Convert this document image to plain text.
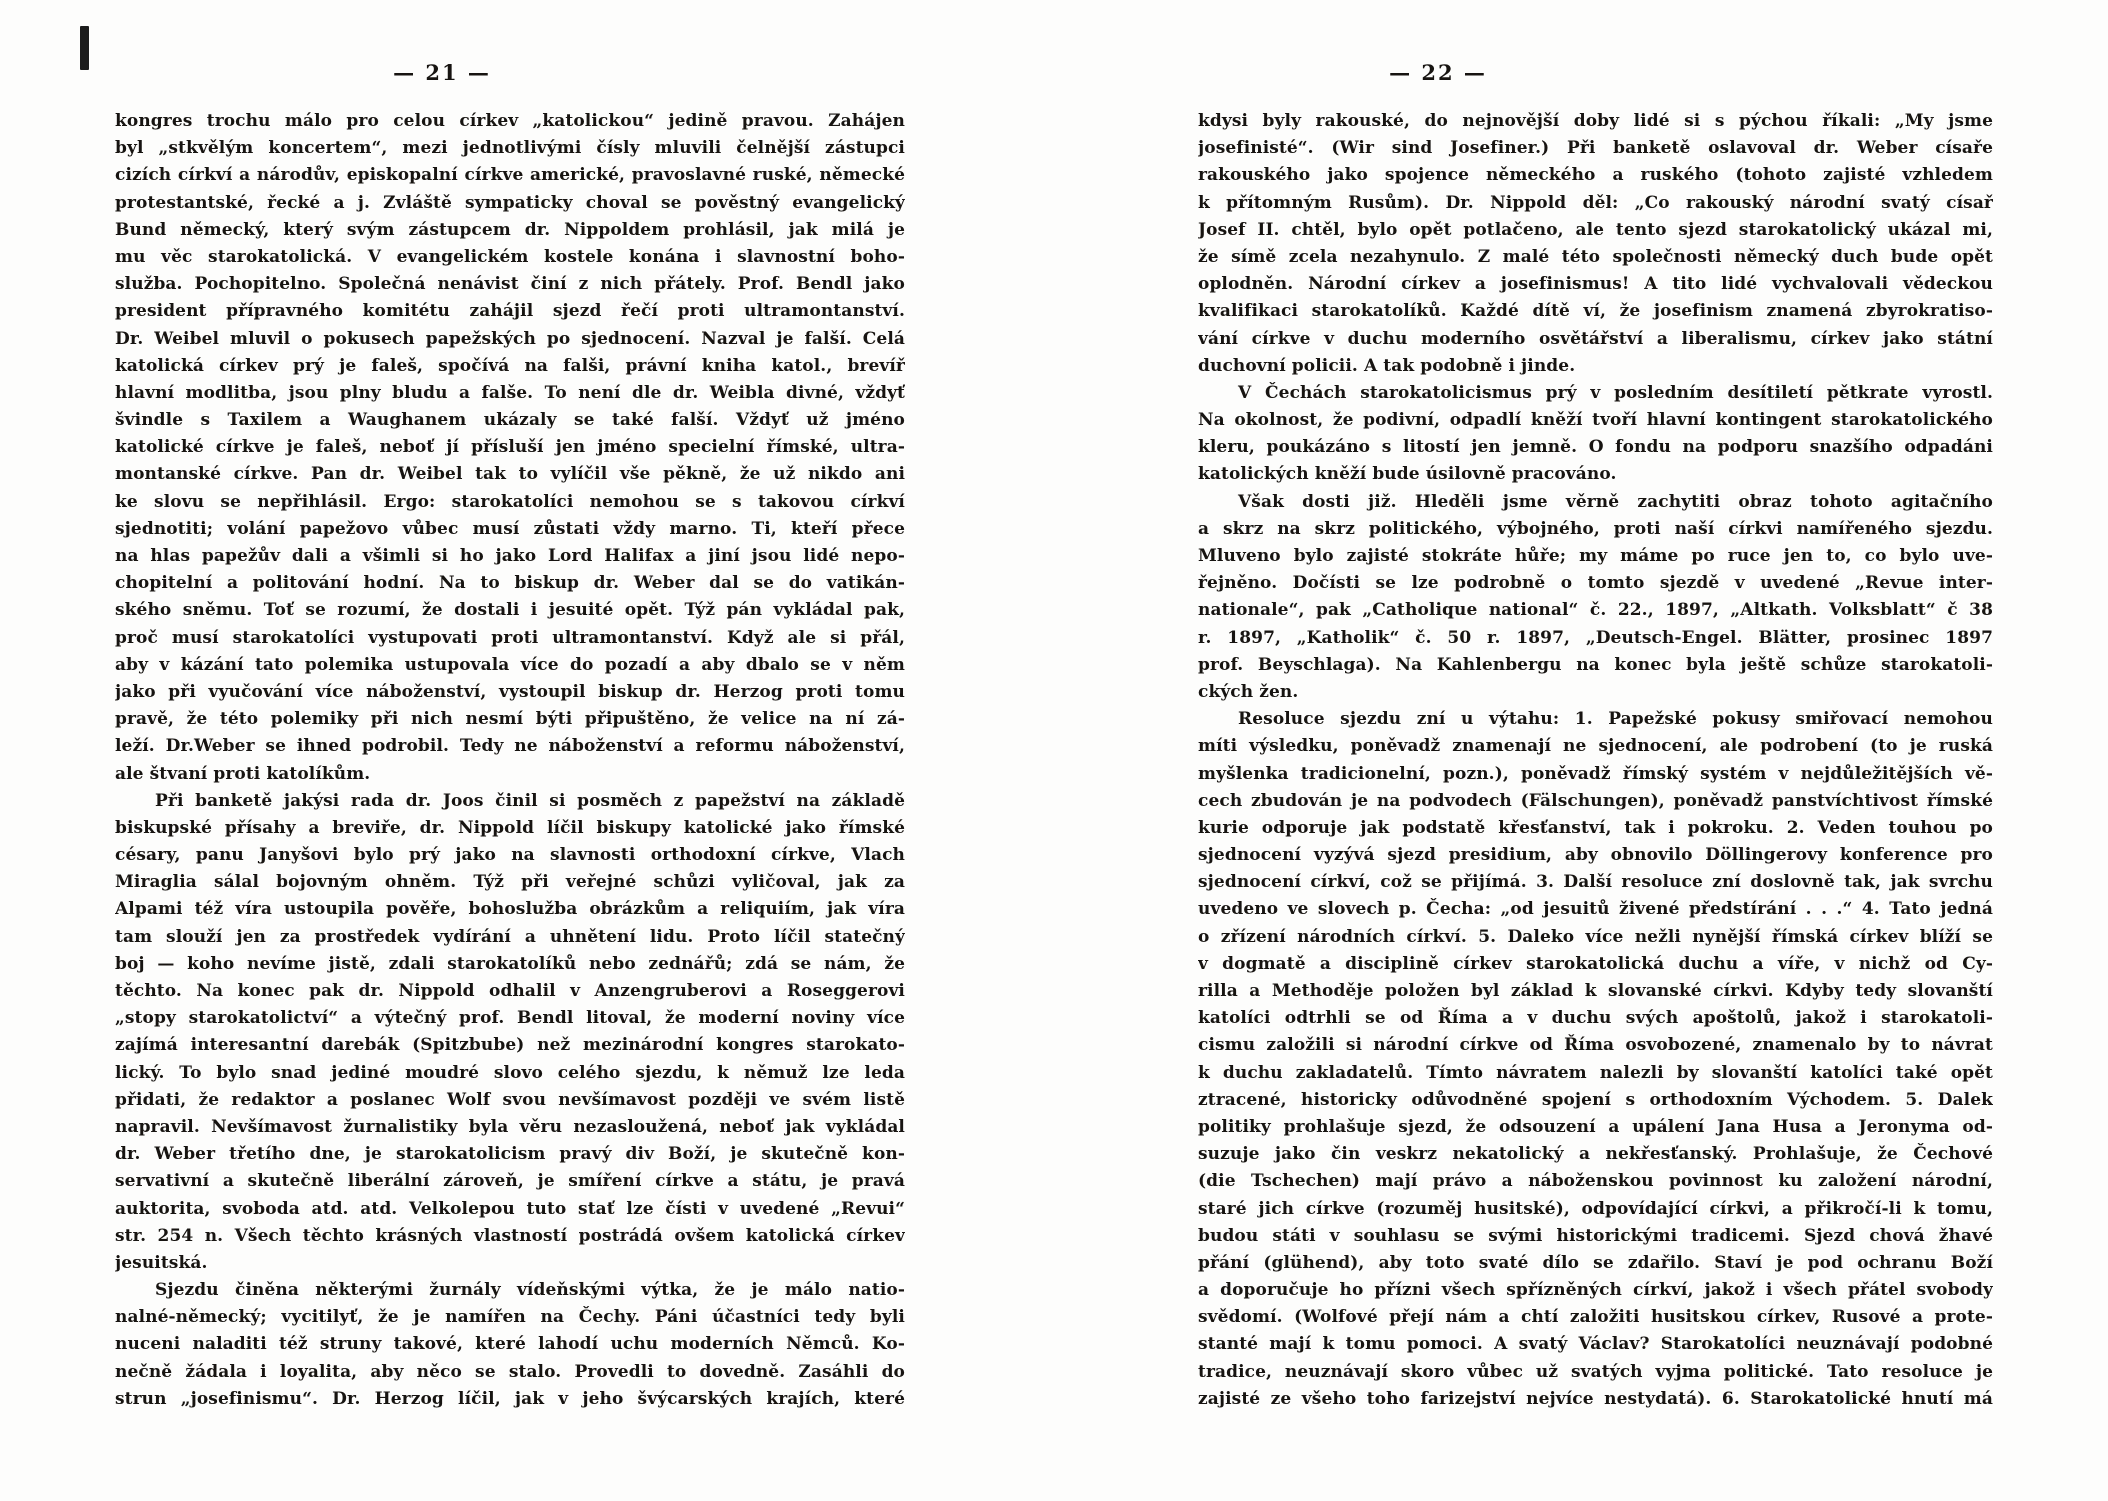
— 21 —
kongres trochu málo pro celou církev „katolickou“ jedině pravou. Zahájen
byl „stkvělým koncertem“, mezi jednotlivými čísly mluvili čelnější zástupci
cizích církví a národův, episkopalní církve americké, pravoslavné ruské, německé
protestantské, řecké a j. Zvláště sympaticky choval se pověstný evangelický
Bund německý, který svým zástupcem dr. Nippoldem prohlásil, jak milá je
mu věc starokatolická. V evangelickém kostele konána i slavnostní boho-
služba. Pochopitelno. Společná nenávist činí z nich přátely. Prof. Bendl jako
president přípravného komitétu zahájil sjezd řečí proti ultramontanství.
Dr. Weibel mluvil o pokusech papežských po sjednocení. Nazval je falší. Celá
katolická církev prý je faleš, spočívá na falši, právní kniha katol., brevíř
hlavní modlitba, jsou plny bludu a falše. To není dle dr. Weibla divné, vždyť
švindle s Taxilem a Waughanem ukázaly se také falší. Vždyť už jméno
katolické církve je faleš, neboť jí přísluší jen jméno specielní římské, ultra-
montanské církve. Pan dr. Weibel tak to vylíčil vše pěkně, že už nikdo ani
ke slovu se nepřihlásil. Ergo: starokatolíci nemohou se s takovou církví
sjednotiti; volání papežovo vůbec musí zůstati vždy marno. Ti, kteří přece
na hlas papežův dali a všimli si ho jako Lord Halifax a jiní jsou lidé nepo-
chopitelní a politování hodní. Na to biskup dr. Weber dal se do vatikán-
ského sněmu. Toť se rozumí, že dostali i jesuité opět. Týž pán vykládal pak,
proč musí starokatolíci vystupovati proti ultramontanství. Když ale si přál,
aby v kázání tato polemika ustupovala více do pozadí a aby dbalo se v něm
jako při vyučování více náboženství, vystoupil biskup dr. Herzog proti tomu
pravě, že této polemiky při nich nesmí býti připuštěno, že velice na ní zá-
leží. Dr.Weber se ihned podrobil. Tedy ne náboženství a reformu náboženství,
ale štvaní proti katolíkům.
Při banketě jakýsi rada dr. Joos činil si posměch z papežství na základě
biskupské přísahy a breviře, dr. Nippold líčil biskupy katolické jako římské
césary, panu Janyšovi bylo prý jako na slavnosti orthodoxní církve, Vlach
Miraglia sálal bojovným ohněm. Týž při veřejné schůzi vyličoval, jak za
Alpami též víra ustoupila pověře, bohoslužba obrázkům a reliquiím, jak víra
tam slouží jen za prostředek vydírání a uhnětení lidu. Proto líčil statečný
boj — koho nevíme jistě, zdali starokatolíků nebo zednářů; zdá se nám, že
těchto. Na konec pak dr. Nippold odhalil v Anzengruberovi a Roseggerovi
„stopy starokatolictví“ a výtečný prof. Bendl litoval, že moderní noviny více
zajímá interesantní darebák (Spitzbube) než mezinárodní kongres starokato-
lický. To bylo snad jediné moudré slovo celého sjezdu, k němuž lze leda
přidati, že redaktor a poslanec Wolf svou nevšímavost později ve svém listě
napravil. Nevšímavost žurnalistiky byla věru nezasloužená, neboť jak vykládal
dr. Weber třetího dne, je starokatolicism pravý div Boží, je skutečně kon-
servativní a skutečně liberální zároveň, je smíření církve a státu, je pravá
auktorita, svoboda atd. atd. Velkolepou tuto stať lze čísti v uvedené „Revui“
str. 254 n. Všech těchto krásných vlastností postrádá ovšem katolická církev
jesuitská.
Sjezdu činěna některými žurnály vídeňskými výtka, že je málo natio-
nalné-německý; vycitilyť, že je namířen na Čechy. Páni účastníci tedy byli
nuceni naladiti též struny takové, které lahodí uchu moderních Němců. Ko-
nečně žádala i loyalita, aby něco se stalo. Provedli to dovedně. Zasáhli do
strun „josefinismu“. Dr. Herzog líčil, jak v jeho švýcarských krajích, které
— 22 —
kdysi byly rakouské, do nejnovější doby lidé si s pýchou říkali: „My jsme
josefinisté“. (Wir sind Josefiner.) Při banketě oslavoval dr. Weber císaře
rakouského jako spojence německého a ruského (tohoto zajisté vzhledem
k přítomným Rusům). Dr. Nippold děl: „Co rakouský národní svatý císař
Josef II. chtěl, bylo opět potlačeno, ale tento sjezd starokatolický ukázal mi,
že símě zcela nezahynulo. Z malé této společnosti německý duch bude opět
oplodněn. Národní církev a josefinismus! A tito lidé vychvalovali vědeckou
kvalifikaci starokatolíků. Každé dítě ví, že josefinism znamená zbyrokratiso-
vání církve v duchu moderního osvětářství a liberalismu, církev jako státní
duchovní policii. A tak podobně i jinde.
V Čechách starokatolicismus prý v posledním desítiletí pětkrate vyrostl.
Na okolnost, že podivní, odpadlí kněží tvoří hlavní kontingent starokatolického
kleru, poukázáno s litostí jen jemně. O fondu na podporu snazšího odpadáni
katolických kněží bude úsilovně pracováno.
Však dosti již. Hleděli jsme věrně zachytiti obraz tohoto agitačního
a skrz na skrz politického, výbojného, proti naší církvi namířeného sjezdu.
Mluveno bylo zajisté stokráte hůře; my máme po ruce jen to, co bylo uve-
řejněno. Dočísti se lze podrobně o tomto sjezdě v uvedené „Revue inter-
nationale“, pak „Catholique national“ č. 22., 1897, „Altkath. Volksblatt“ č 38
r. 1897, „Katholik“ č. 50 r. 1897, „Deutsch-Engel. Blätter, prosinec 1897
prof. Beyschlaga). Na Kahlenbergu na konec byla ještě schůze starokatoli-
ckých žen.
Resoluce sjezdu zní u výtahu: 1. Papežské pokusy smiřovací nemohou
míti výsledku, poněvadž znamenají ne sjednocení, ale podrobení (to je ruská
myšlenka tradicionelní, pozn.), poněvadž římský systém v nejdůležitějších vě-
cech zbudován je na podvodech (Fälschungen), poněvadž panstvíchtivost římské
kurie odporuje jak podstatě křesťanství, tak i pokroku. 2. Veden touhou po
sjednocení vyzývá sjezd presidium, aby obnovilo Döllingerovy konference pro
sjednocení církví, což se přijímá. 3. Další resoluce zní doslovně tak, jak svrchu
uvedeno ve slovech p. Čecha: „od jesuitů živené předstírání . . .“ 4. Tato jedná
o zřízení národních církví. 5. Daleko více nežli nynější římská církev blíží se
v dogmatě a disciplině církev starokatolická duchu a víře, v nichž od Cy-
rilla a Methoděje položen byl základ k slovanské církvi. Kdyby tedy slovanští
katolíci odtrhli se od Říma a v duchu svých apoštolů, jakož i starokatoli-
cismu založili si národní církve od Říma osvobozené, znamenalo by to návrat
k duchu zakladatelů. Tímto návratem nalezli by slovanští katolíci také opět
ztracené, historicky odůvodněné spojení s orthodoxním Východem. 5. Dalek
politiky prohlašuje sjezd, že odsouzení a upálení Jana Husa a Jeronyma od-
suzuje jako čin veskrz nekatolický a nekřesťanský. Prohlašuje, že Čechové
(die Tschechen) mají právo a náboženskou povinnost ku založení národní,
staré jich církve (rozuměj husitské), odpovídající církvi, a přikročí-li k tomu,
budou státi v souhlasu se svými historickými tradicemi. Sjezd chová žhavé
přání (glühend), aby toto svaté dílo se zdařilo. Staví je pod ochranu Boží
a doporučuje ho přízni všech spřízněných církví, jakož i všech přátel svobody
svědomí. (Wolfové přejí nám a chtí založiti husitskou církev, Rusové a prote-
stanté mají k tomu pomoci. A svatý Václav? Starokatolíci neuznávají podobné
tradice, neuznávají skoro vůbec už svatých vyjma politické. Tato resoluce je
zajisté ze všeho toho farizejství nejvíce nestydatá). 6. Starokatolické hnutí má
